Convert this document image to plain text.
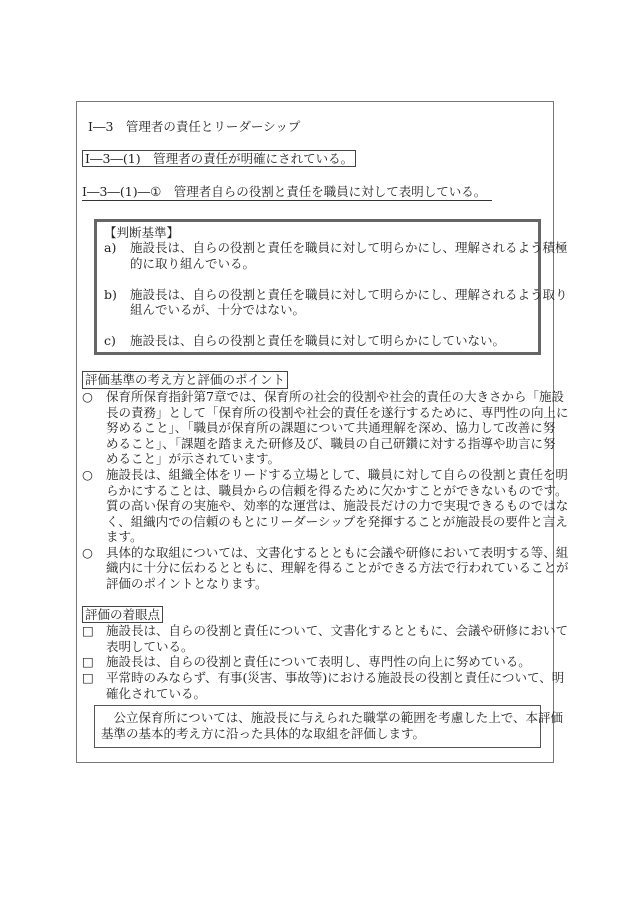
Ⅰ―3　管理者の責任とリーダーシップ
Ⅰ―3―(1)　管理者の責任が明確にされている。
Ⅰ―3―(1)―①　管理者自らの役割と責任を職員に対して表明している。
【判断基準】
a)	施設長は、自らの役割と責任を職員に対して明らかにし、理解されるよう積極
的に取り組んでいる。
b)	施設長は、自らの役割と責任を職員に対して明らかにし、理解されるよう取り
組んでいるが、十分ではない。
c)	施設長は、自らの役割と責任を職員に対して明らかにしていない。
評価基準の考え方と評価のポイント
○	保育所保育指針第7章では、保育所の社会的役割や社会的責任の大きさから「施設
長の責務」として「保育所の役割や社会的責任を遂行するために、専門性の向上に
努めること」、「職員が保育所の課題について共通理解を深め、協力して改善に努
めること」、「課題を踏まえた研修及び、職員の自己研鑽に対する指導や助言に努
めること」が示されています。
○	施設長は、組織全体をリードする立場として、職員に対して自らの役割と責任を明
らかにすることは、職員からの信頼を得るために欠かすことができないものです。
質の高い保育の実施や、効率的な運営は、施設長だけの力で実現できるものではな
く、組織内での信頼のもとにリーダーシップを発揮することが施設長の要件と言え
ます。
○	具体的な取組については、文書化するとともに会議や研修において表明する等、組
織内に十分に伝わるとともに、理解を得ることができる方法で行われていることが
評価のポイントとなります。
評価の着眼点
□ 施設長は、自らの役割と責任について、文書化するとともに、会議や研修において
表明している。
□ 施設長は、自らの役割と責任について表明し、専門性の向上に努めている。
□ 平常時のみならず、有事(災害、事故等)における施設長の役割と責任について、明
確化されている。
　公立保育所については、施設長に与えられた職掌の範囲を考慮した上で、本評価
基準の基本的考え方に沿った具体的な取組を評価します。
